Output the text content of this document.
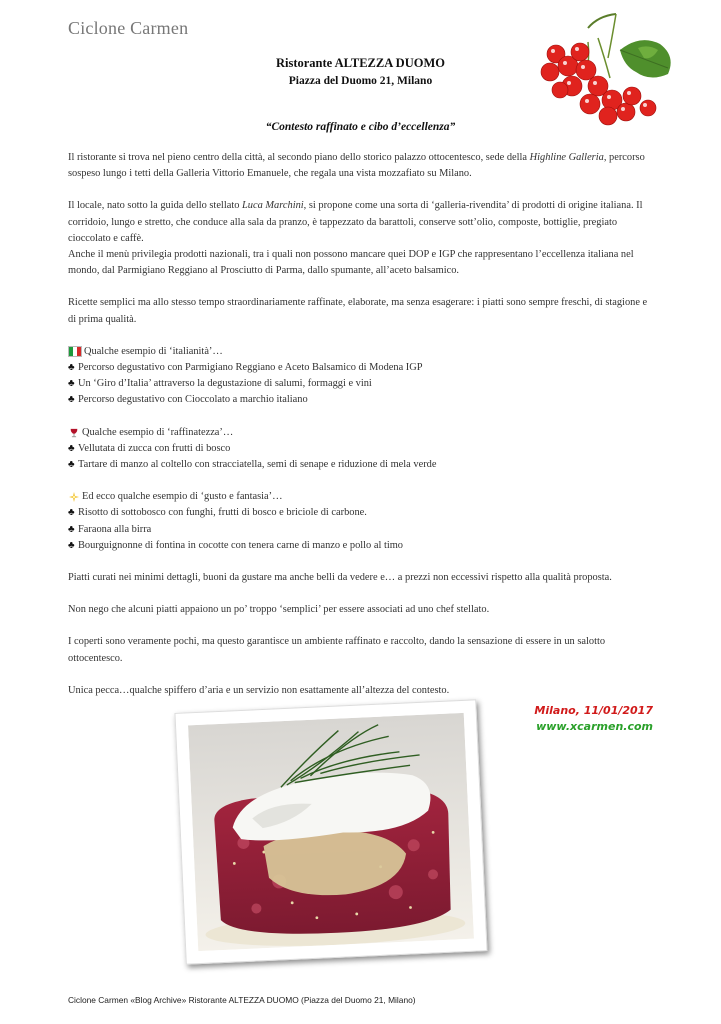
Ciclone Carmen
Ristorante ALTEZZA DUOMO
Piazza del Duomo 21, Milano
“Contesto raffinato e cibo d’eccellenza”

Il ristorante si trova nel pieno centro della città, al secondo piano dello storico palazzo ottocentesco, sede della Highline Galleria, percorso sospeso lungo i tetti della Galleria Vittorio Emanuele, che regala una vista mozzafiato su Milano.

Il locale, nato sotto la guida dello stellato Luca Marchini, si propone come una sorta di ‘galleria-rivendita’ di prodotti di origine italiana. Il corridoio, lungo e stretto, che conduce alla sala da pranzo, è tappezzato da barattoli, conserve sott’olio, composte, bottiglie, pregiato cioccolato e caffè.

Anche il menù privilegia prodotti nazionali, tra i quali non possono mancare quei DOP e IGP che rappresentano l’eccellenza italiana nel mondo, dal Parmigiano Reggiano al Prosciutto di Parma, dallo spumante, all’aceto balsamico.

Ricette semplici ma allo stesso tempo straordinariamente raffinate, elaborate, ma senza esagerare: i piatti sono sempre freschi, di stagione e di prima qualità.

Qualche esempio di ‘italianità’…
♣ Percorso degustativo con Parmigiano Reggiano e Aceto Balsamico di Modena IGP
♣ Un ‘Giro d’Italia’ attraverso la degustazione di salumi, formaggi e vini
♣ Percorso degustativo con Cioccolato a marchio italiano
Qualche esempio di ‘raffinatezza’…
♣ Vellutata di zucca con frutti di bosco
♣ Tartare di manzo al coltello con stracciatella, semi di senape e riduzione di mela verde
Ed ecco qualche esempio di ‘gusto e fantasia’…
♣ Risotto di sottobosco con funghi, frutti di bosco e briciole di carbone.
♣ Faraona alla birra
♣ Bourguignonne di fontina in cocotte con tenera carne di manzo e pollo al timo

Piatti curati nei minimi dettagli, buoni da gustare ma anche belli da vedere e… a prezzi non eccessivi rispetto alla qualità proposta.

Non nego che alcuni piatti appaiono un po’ troppo ‘semplici’ per essere associati ad uno chef stellato.

I coperti sono veramente pochi, ma questo garantisce un ambiente raffinato e raccolto, dando la sensazione di essere in un salotto ottocentesco.

Unica pecca…qualche spiffero d’aria e un servizio non esattamente all’altezza del contesto.

Milano, 11/01/2017
www.xcarmen.com
Ciclone Carmen «Blog Archive» Ristorante ALTEZZA DUOMO (Piazza del Duomo 21, Milano)
